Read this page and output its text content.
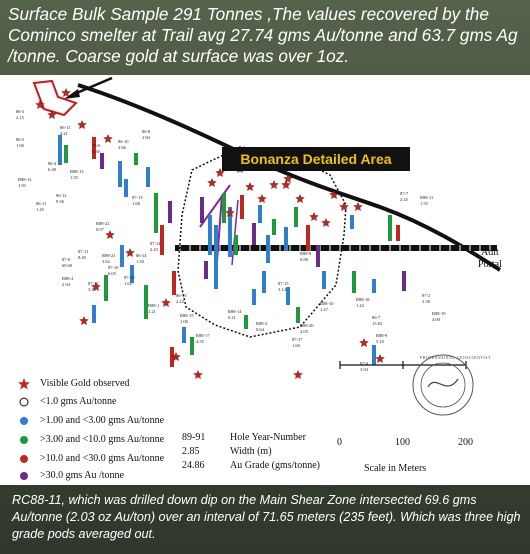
Surface Bulk Sample 291 Tonnes ,The values recovered by the Cominco smelter at Trail avg 27.74 gms Au/tonne and 63.7 gms Ag /tonne. Coarse gold at surface was over 1oz.
86-3
2.15
86-5
1.90
86-13
4.21
86-6
0.30
86-4
6.48	R88-13
1.55
R88-12
1.93
86-10
3.66
86-8
2.84
86-11
1.45
86-12
9.36
87-13
1.68
87-14
2.43
86-14
1.50
R88-22
0.97
R88-21
3.62
87-11
8.40
87-10
6.05
87-16
1.62
87-12
3.33
86-15
2.22
R88-15
1.00
R88-17
4.55
R88-14
0.21
87-15
3.14
R88-20
2.05
R88-18
1.42
86-7
15.82
R88-9
5.10
87-4
3.94
87-2
3.38
R88-19
4.00
87-7
2.45	R88-11
1.55
87-6
69.60
R88-4
2.94
R88-1
1.21
R88-8
0.88
R88-10
1.27
R88-3
0.64
87-37
1.60
Bonanza Detailed Area
Adit
Portal
Visible Gold observed
<1.0 gms Au/tonne
>1.00 and <3.00 gms Au/tonne
>3.00 and <10.0 gms Au/tonne
>10.0 and <30.0 gms Au/tonne
>30.0 gms Au /tonne
89-91 Hole Year-Number
2.85	Width (m)
24.86	Au Grade (gms/tonne)
0	100	200
Scale in Meters
PROFESSIONAL GEOSCIENTIST
RC88-11, which was drilled down dip on the Main Shear Zone intersected 69.6 gms Au/tonne (2.03 oz Au/ton) over an interval of 71.65 meters (235 feet). Which was three high grade pods averaged out.
